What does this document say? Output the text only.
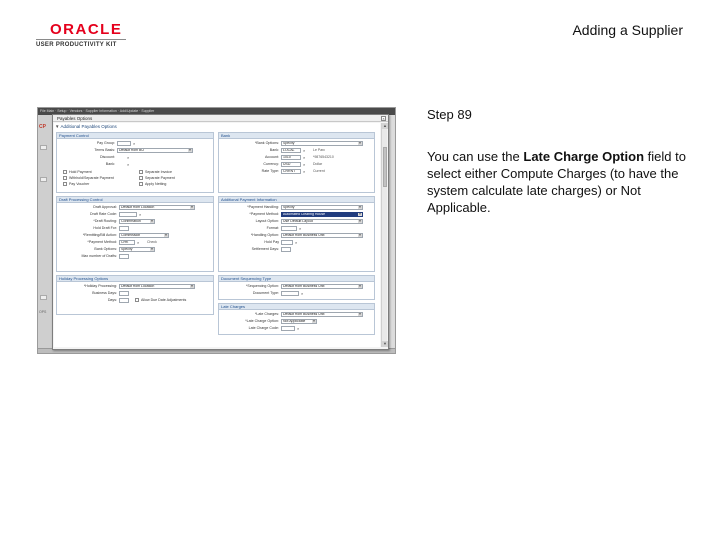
ORACLE
USER PRODUCTIVITY KIT
Adding a Supplier
File Main · Setup · Vendors · Supplier Information · Add/Update · Supplier
CP
OPS
Payables Options	×
▼Additional Payables Options
Payment Control
Pay Group:	⌕
Terms Basis:	Default from BU	▼
Discount:	⌕
Bank:	⌕
Hold Payment
Withhold/Separate Payment
Pay Voucher
Separate Invoice
Separate Payment
Apply Netting
Bank
*Bank Options:	Specify	▼
Bank:	LOCAL	⌕ Le Parc
Account:	1010	⌕ *9876543210
Currency:	USD	⌕ Dollar
Rate Type:	CRRNT	⌕ Current
Draft Processing Control
Draft Approval:	Default from Location	▼
Draft Rate Code:	⌕
*Draft Routing:	Confirmation	▼
Hold Draft For:
*Remitting/Bill Action:	Commission	▼
*Payment Method:	CHK	⌕ Check
Bank Options:	Specify	▼
Max number of Drafts:
Additional Payment Information
*Payment Handling:	Specify	▼
*Payment Method:	Automated Clearing House	▼
Layout Option:	Use Default Layout	▼
Format:	⌕
*Handling Option:	Default from Business Unit	▼
Hold Pay	⌕
Settlement Days:
Holiday Processing Options
*Holiday Processing:	Default from Location	▼
Business Days:
Days:	Allow Due Date Adjustments
Document Sequencing Type
*Sequencing Option:	Default from Business Unit	▼
Document Type:	⌕
Late Charges
*Late Charges:	Default from Business Unit	▼
*Late Charge Option:	Not Applicable ▼
Late Charge Code:	⌕
▲
▼
Step 89
You can use the Late Charge Option field to select either Compute Charges (to have the system calculate late charges) or Not Applicable.
